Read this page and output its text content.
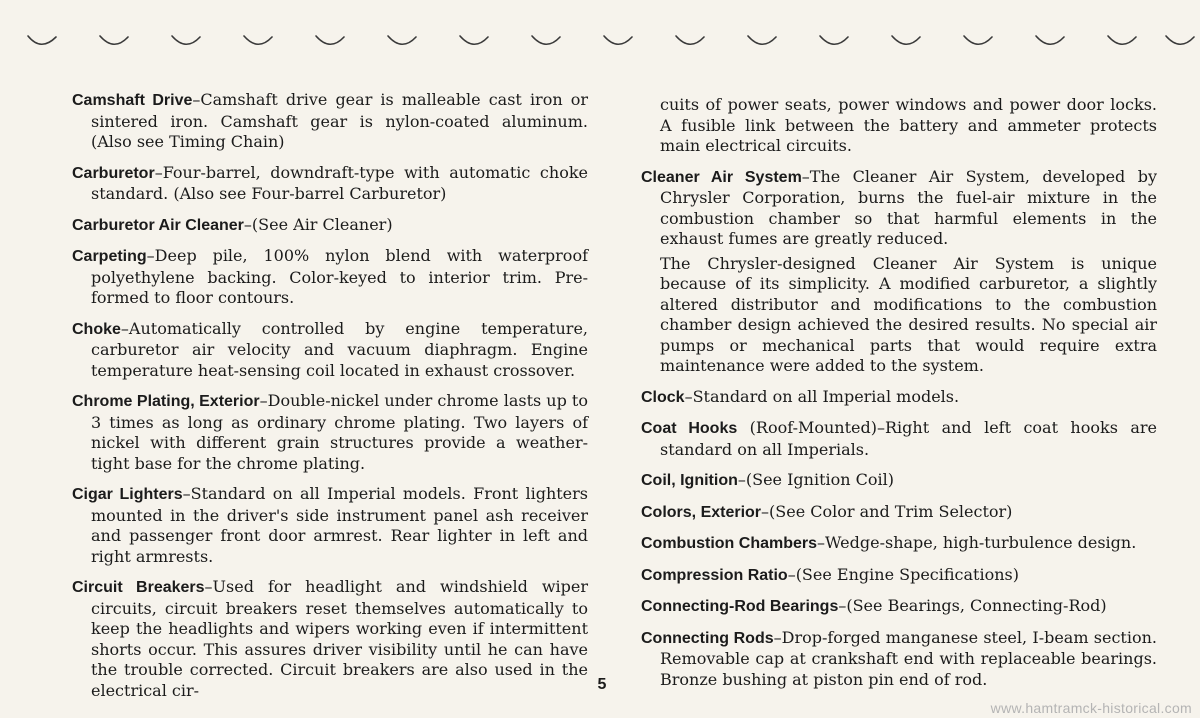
Camshaft Drive–Camshaft drive gear is malleable cast iron or sintered iron. Camshaft gear is nylon-coated aluminum. (Also see Timing Chain)

Carburetor–Four-barrel, downdraft-type with automatic choke standard. (Also see Four-barrel Carburetor)

Carburetor Air Cleaner–(See Air Cleaner)

Carpeting–Deep pile, 100% nylon blend with waterproof polyethylene backing. Color-keyed to interior trim. Pre-formed to floor contours.

Choke–Automatically controlled by engine temperature, carburetor air velocity and vacuum diaphragm. Engine temperature heat-sensing coil located in exhaust crossover.

Chrome Plating, Exterior–Double-nickel under chrome lasts up to 3 times as long as ordinary chrome plating. Two layers of nickel with different grain structures provide a weather-tight base for the chrome plating.

Cigar Lighters–Standard on all Imperial models. Front lighters mounted in the driver's side instrument panel ash receiver and passenger front door armrest. Rear lighter in left and right armrests.

Circuit Breakers–Used for headlight and windshield wiper circuits, circuit breakers reset themselves automatically to keep the headlights and wipers working even if intermittent shorts occur. This assures driver visibility until he can have the trouble corrected. Circuit breakers are also used in the electrical cir-

cuits of power seats, power windows and power door locks. A fusible link between the battery and ammeter protects main electrical circuits.

Cleaner Air System–The Cleaner Air System, developed by Chrysler Corporation, burns the fuel-air mixture in the combustion chamber so that harmful elements in the exhaust fumes are greatly reduced.

The Chrysler-designed Cleaner Air System is unique because of its simplicity. A modified carburetor, a slightly altered distributor and modifications to the combustion chamber design achieved the desired results. No special air pumps or mechanical parts that would require extra maintenance were added to the system.

Clock–Standard on all Imperial models.

Coat Hooks (Roof-Mounted)–Right and left coat hooks are standard on all Imperials.

Coil, Ignition–(See Ignition Coil)

Colors, Exterior–(See Color and Trim Selector)

Combustion Chambers–Wedge-shape, high-turbulence design.

Compression Ratio–(See Engine Specifications)

Connecting-Rod Bearings–(See Bearings, Connecting-Rod)

Connecting Rods–Drop-forged manganese steel, I-beam section. Removable cap at crankshaft end with replaceable bearings. Bronze bushing at piston pin end of rod.

5
www.hamtramck-historical.com
